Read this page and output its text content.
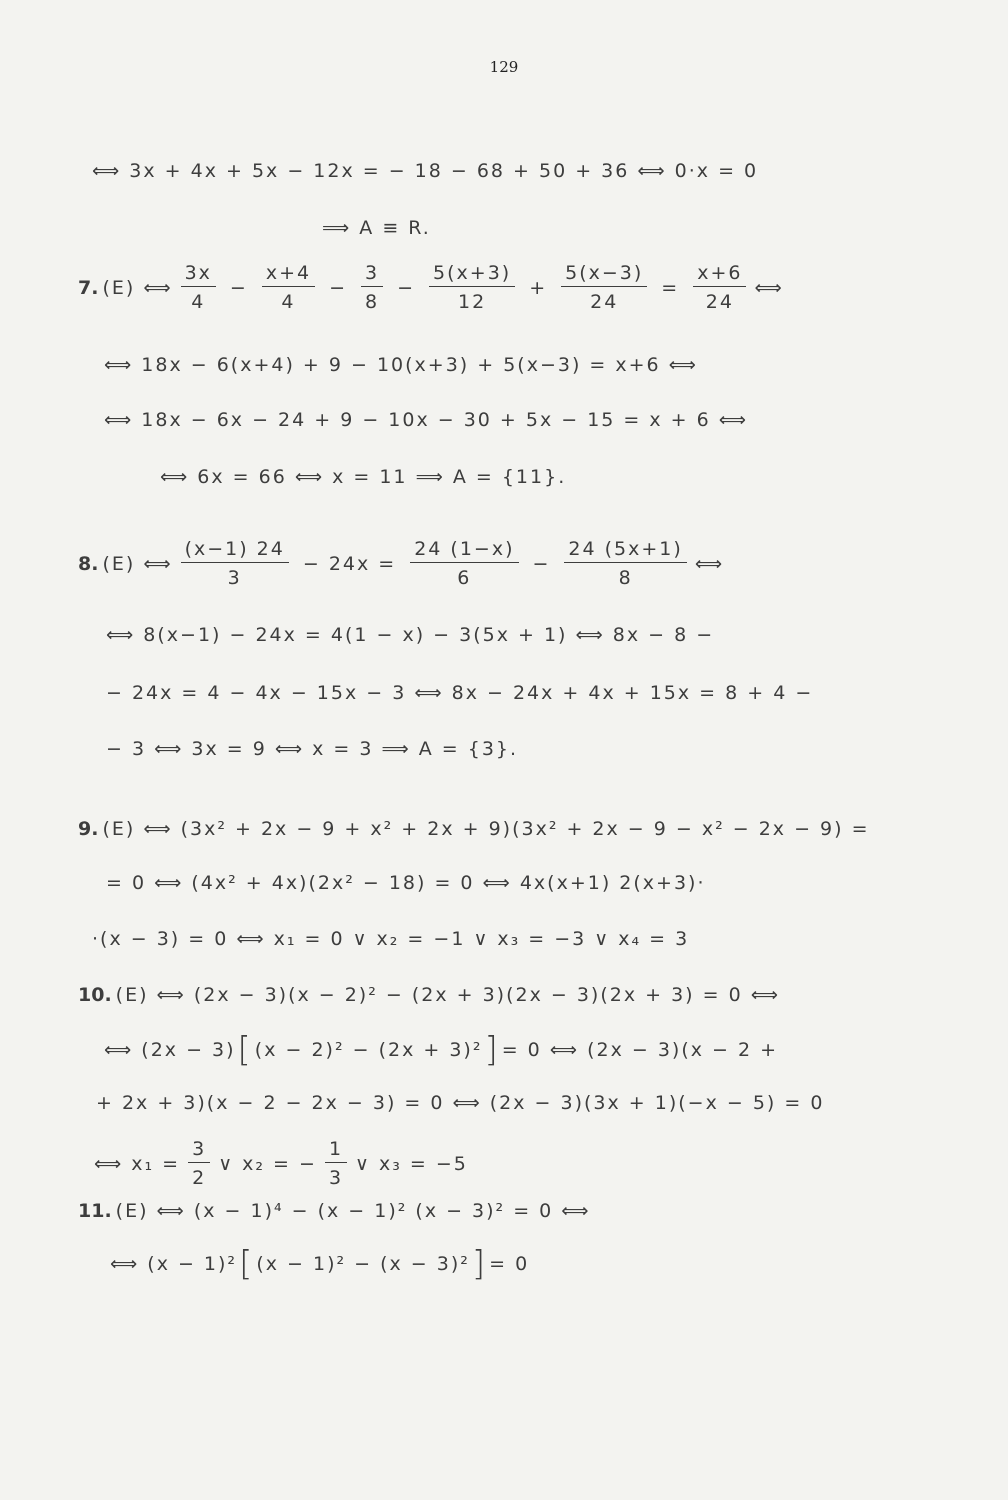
129
⟺ 3x + 4x + 5x − 12x = − 18 − 68 + 50 + 36 ⟺ 0·x = 0
⟹ A ≡ R.
7. (E) ⟺ $\frac{3x}{4} - \frac{x+4}{4} - \frac{3}{8} - \frac{5(x+3)}{12} + \frac{5(x-3)}{24} = \frac{x+6}{24}$ ⟺
⟺ 18x − 6(x+4) + 9 − 10(x+3) + 5(x−3) = x+6 ⟺
⟺ 18x − 6x − 24 + 9 − 10x − 30 + 5x − 15 = x + 6 ⟺
⟺ 6x = 66 ⟺ x = 11 ⟹ A = {11}.
8. (E) ⟺ $\frac{(x-1) 24}{3} - 24x = \frac{24 (1-x)}{6} - \frac{24 (5x+1)}{8}$ ⟺
⟺ 8(x−1) − 24x = 4(1 − x) − 3(5x + 1) ⟺ 8x − 8 −
− 24x = 4 − 4x − 15x − 3 ⟺ 8x − 24x + 4x + 15x = 8 + 4 −
− 3 ⟺ 3x = 9 ⟺ x = 3 ⟹ A = {3}.
9. (E) ⟺ (3x² + 2x − 9 + x² + 2x + 9)(3x² + 2x − 9 − x² − 2x − 9) =
= 0 ⟺ (4x² + 4x)(2x² − 18) = 0 ⟺ 4x(x+1) 2(x+3)·
·(x − 3) = 0 ⟺ x₁ = 0 ∨ x₂ = −1 ∨ x₃ = −3 ∨ x₄ = 3
10. (E) ⟺ (2x − 3)(x − 2)² − (2x + 3)(2x − 3)(2x + 3) = 0 ⟺
⟺ (2x − 3) [ (x − 2)² − (2x + 3)² ] = 0 ⟺ (2x − 3)(x − 2 +
+ 2x + 3)(x − 2 − 2x − 3) = 0 ⟺ (2x − 3)(3x + 1)(−x − 5) = 0
⟺ $x_1 = \frac{3}{2}$ ∨ x₂ = − $\frac{1}{3}$ ∨ x₃ = −5
11. (E) ⟺ (x − 1)⁴ − (x − 1)² (x − 3)² = 0 ⟺
⟺ (x − 1)² [ (x − 1)² − (x − 3)² ] = 0
